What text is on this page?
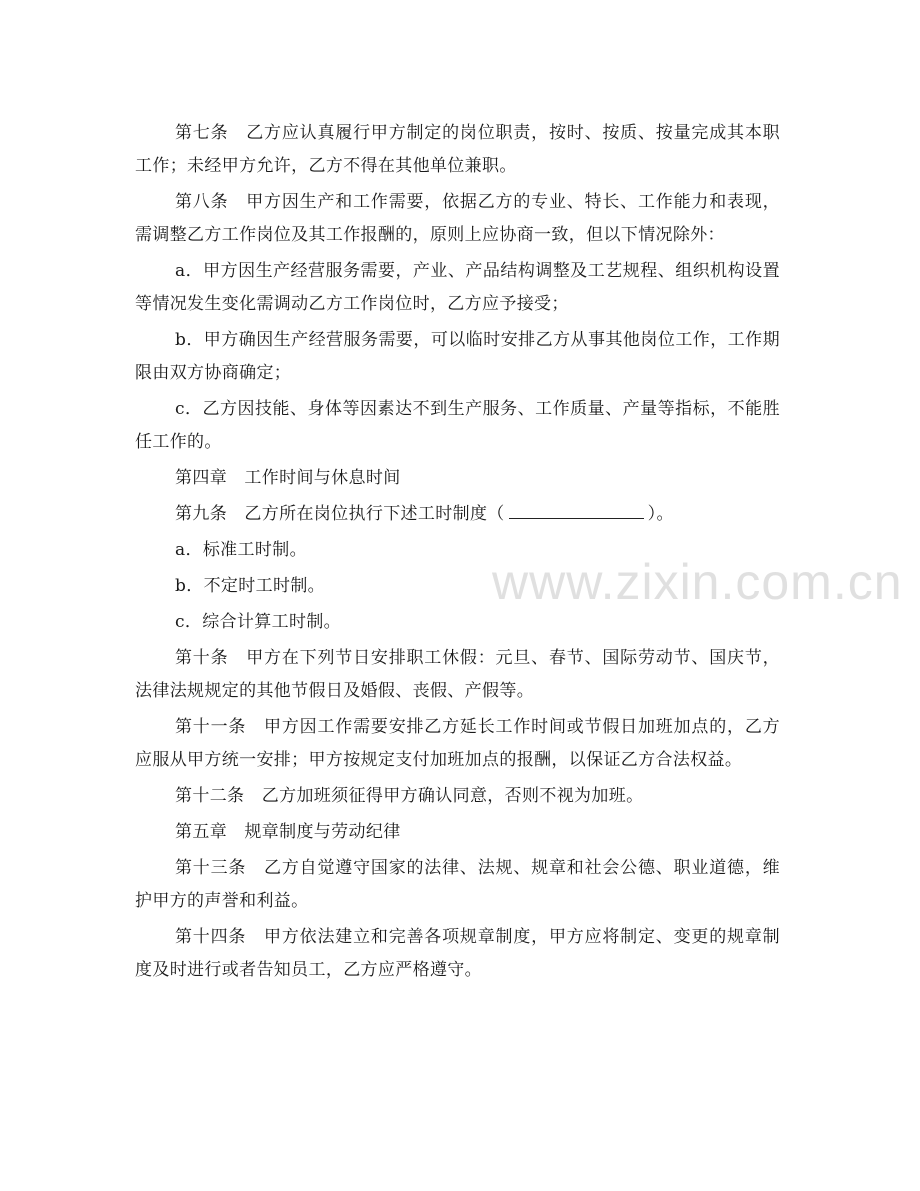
第七条　乙方应认真履行甲方制定的岗位职责，按时、按质、按量完成其本职工作；未经甲方允许，乙方不得在其他单位兼职。

第八条　甲方因生产和工作需要，依据乙方的专业、特长、工作能力和表现，需调整乙方工作岗位及其工作报酬的，原则上应协商一致，但以下情况除外：

a．甲方因生产经营服务需要，产业、产品结构调整及工艺规程、组织机构设置等情况发生变化需调动乙方工作岗位时，乙方应予接受；

b．甲方确因生产经营服务需要，可以临时安排乙方从事其他岗位工作，工作期限由双方协商确定；

c．乙方因技能、身体等因素达不到生产服务、工作质量、产量等指标，不能胜任工作的。

第四章　工作时间与休息时间

第九条　乙方所在岗位执行下述工时制度（	）。

a．标准工时制。

b．不定时工时制。

c．综合计算工时制。

第十条　甲方在下列节日安排职工休假：元旦、春节、国际劳动节、国庆节，法律法规规定的其他节假日及婚假、丧假、产假等。

第十一条　甲方因工作需要安排乙方延长工作时间或节假日加班加点的，乙方应服从甲方统一安排；甲方按规定支付加班加点的报酬，以保证乙方合法权益。

第十二条　乙方加班须征得甲方确认同意，否则不视为加班。

第五章　规章制度与劳动纪律

第十三条　乙方自觉遵守国家的法律、法规、规章和社会公德、职业道德，维护甲方的声誉和利益。

第十四条　甲方依法建立和完善各项规章制度，甲方应将制定、变更的规章制度及时进行或者告知员工，乙方应严格遵守。

www.zixin.com.cn
